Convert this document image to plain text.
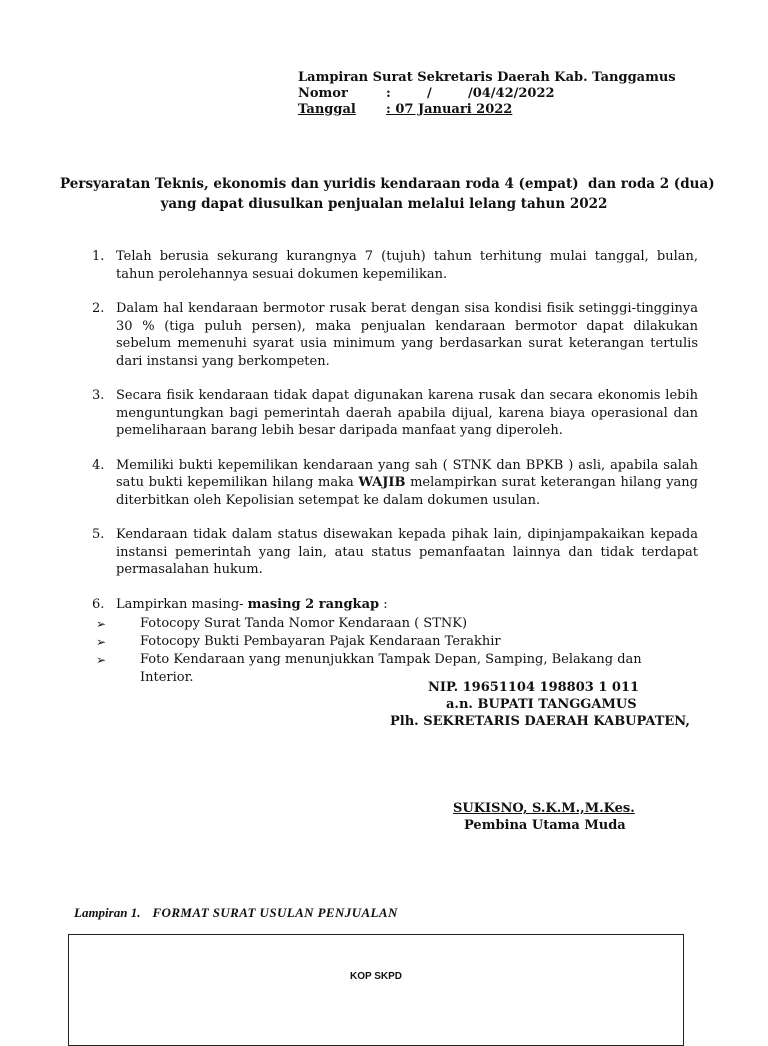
Lampiran Surat Sekretaris Daerah Kab. Tanggamus
Nomor	:        /        /04/42/2022
Tanggal	: 07 Januari 2022
Persyaratan Teknis, ekonomis dan yuridis kendaraan roda 4 (empat)  dan roda 2 (dua)
yang dapat diusulkan penjualan melalui lelang tahun 2022
1. Telah berusia sekurang kurangnya 7 (tujuh) tahun terhitung mulai tanggal, bulan, tahun perolehannya sesuai dokumen kepemilikan.
2. Dalam hal kendaraan bermotor rusak berat dengan sisa kondisi fisik setinggi-tingginya 30 % (tiga puluh persen), maka penjualan kendaraan bermotor dapat dilakukan sebelum memenuhi syarat usia minimum yang berdasarkan surat keterangan tertulis dari instansi yang berkompeten.
3. Secara fisik kendaraan tidak dapat digunakan karena rusak dan secara ekonomis lebih menguntungkan bagi pemerintah daerah apabila dijual, karena biaya operasional dan pemeliharaan barang lebih besar daripada manfaat yang diperoleh.
4. Memiliki bukti kepemilikan kendaraan yang sah ( STNK dan BPKB ) asli, apabila salah satu bukti kepemilikan hilang maka WAJIB melampirkan surat keterangan hilang yang diterbitkan oleh Kepolisian setempat ke dalam dokumen usulan.
5. Kendaraan tidak dalam status disewakan kepada pihak lain, dipinjampakaikan kepada instansi pemerintah yang lain, atau status pemanfaatan lainnya dan tidak terdapat permasalahan hukum.
6. Lampirkan masing- masing 2 rangkap :
➢	Fotocopy Surat Tanda Nomor Kendaraan ( STNK)
➢	Fotocopy Bukti Pembayaran Pajak Kendaraan Terakhir
➢	Foto Kendaraan yang menunjukkan Tampak Depan, Samping, Belakang dan Interior.
NIP. 19651104 198803 1 011
a.n. BUPATI TANGGAMUS
Plh. SEKRETARIS DAERAH KABUPATEN,
SUKISNO, S.K.M.,M.Kes.
Pembina Utama Muda
Lampiran 1. FORMAT SURAT USULAN PENJUALAN
KOP SKPD
